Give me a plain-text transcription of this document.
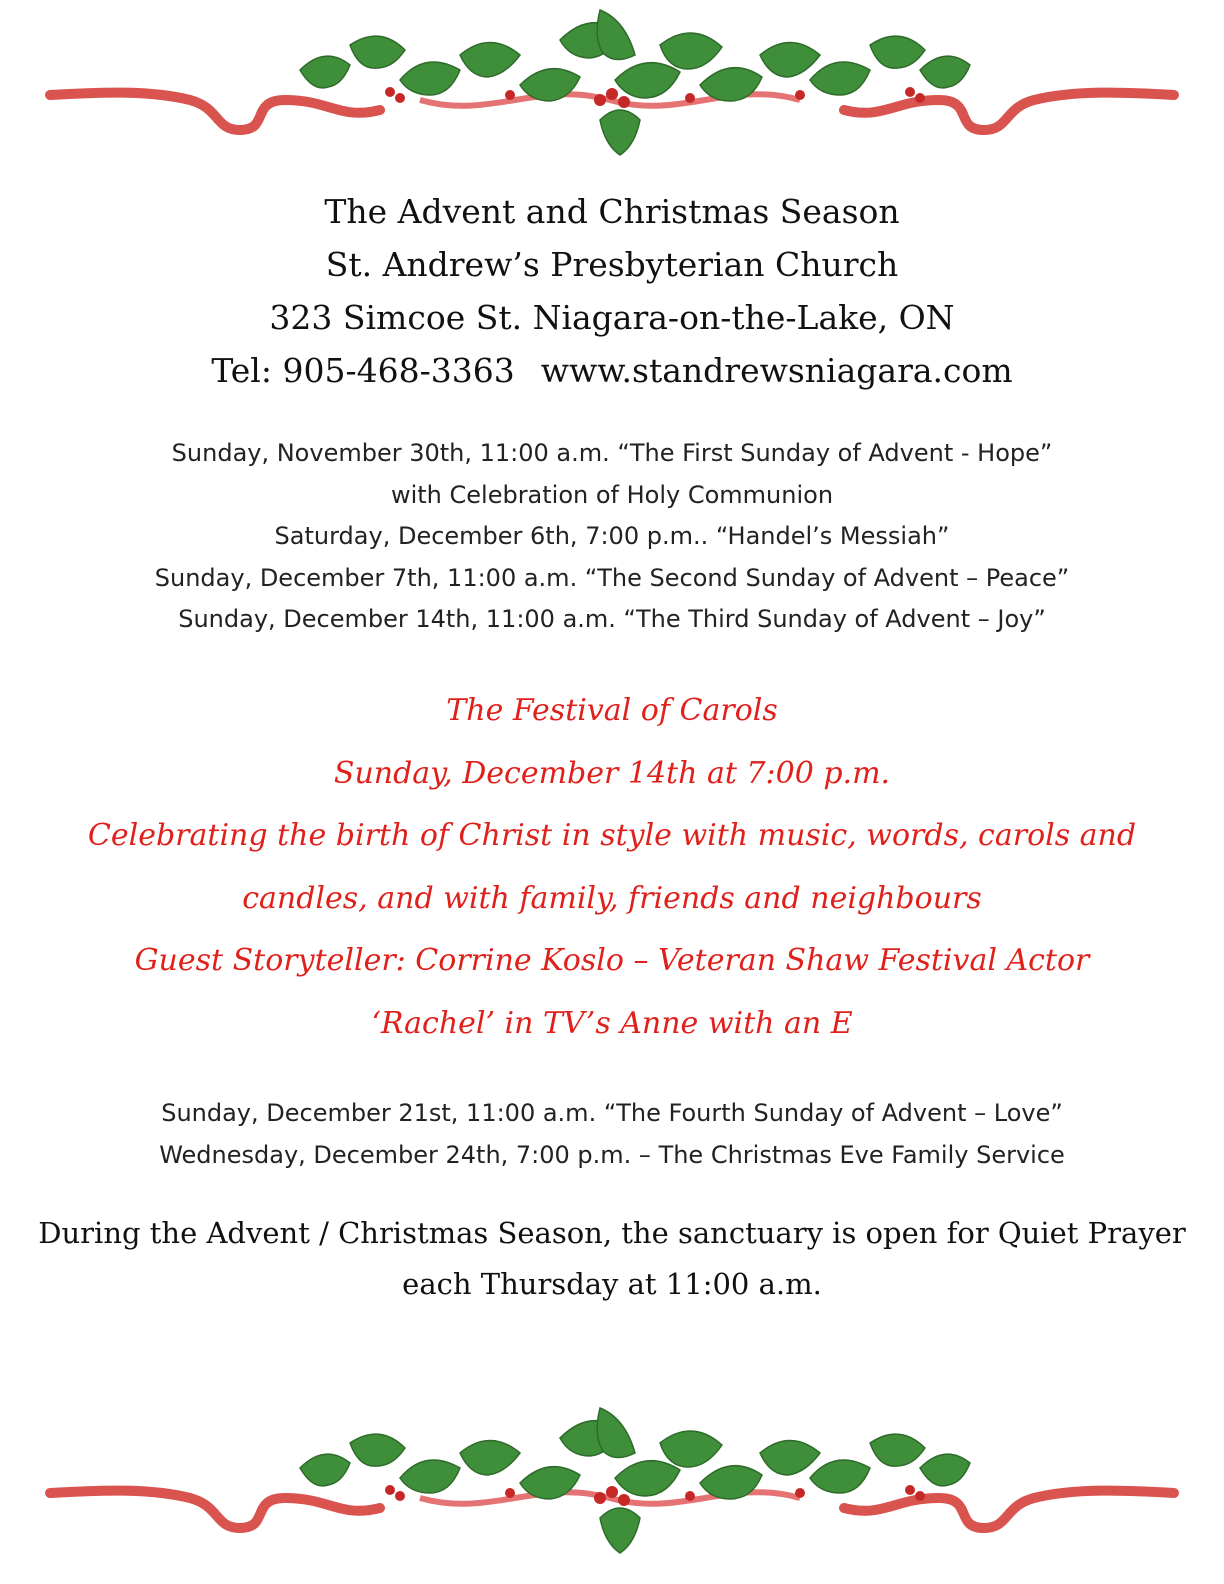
The Advent and Christmas Season
St. Andrew’s Presbyterian Church
323 Simcoe St. Niagara-on-the-Lake, ON
Tel: 905-468-3363 www.standrewsniagara.com
Sunday, November 30th, 11:00 a.m. “The First Sunday of Advent - Hope”
with Celebration of Holy Communion
Saturday, December 6th, 7:00 p.m.. “Handel’s Messiah”
Sunday, December 7th, 11:00 a.m. “The Second Sunday of Advent – Peace”
Sunday, December 14th, 11:00 a.m. “The Third Sunday of Advent – Joy”
The Festival of Carols
Sunday, December 14th at 7:00 p.m.
Celebrating the birth of Christ in style with music, words, carols and
candles, and with family, friends and neighbours
Guest Storyteller: Corrine Koslo – Veteran Shaw Festival Actor
‘Rachel’ in TV’s Anne with an E
Sunday, December 21st, 11:00 a.m. “The Fourth Sunday of Advent – Love”
Wednesday, December 24th, 7:00 p.m. – The Christmas Eve Family Service
During the Advent / Christmas Season, the sanctuary is open for Quiet Prayer
each Thursday at 11:00 a.m.
